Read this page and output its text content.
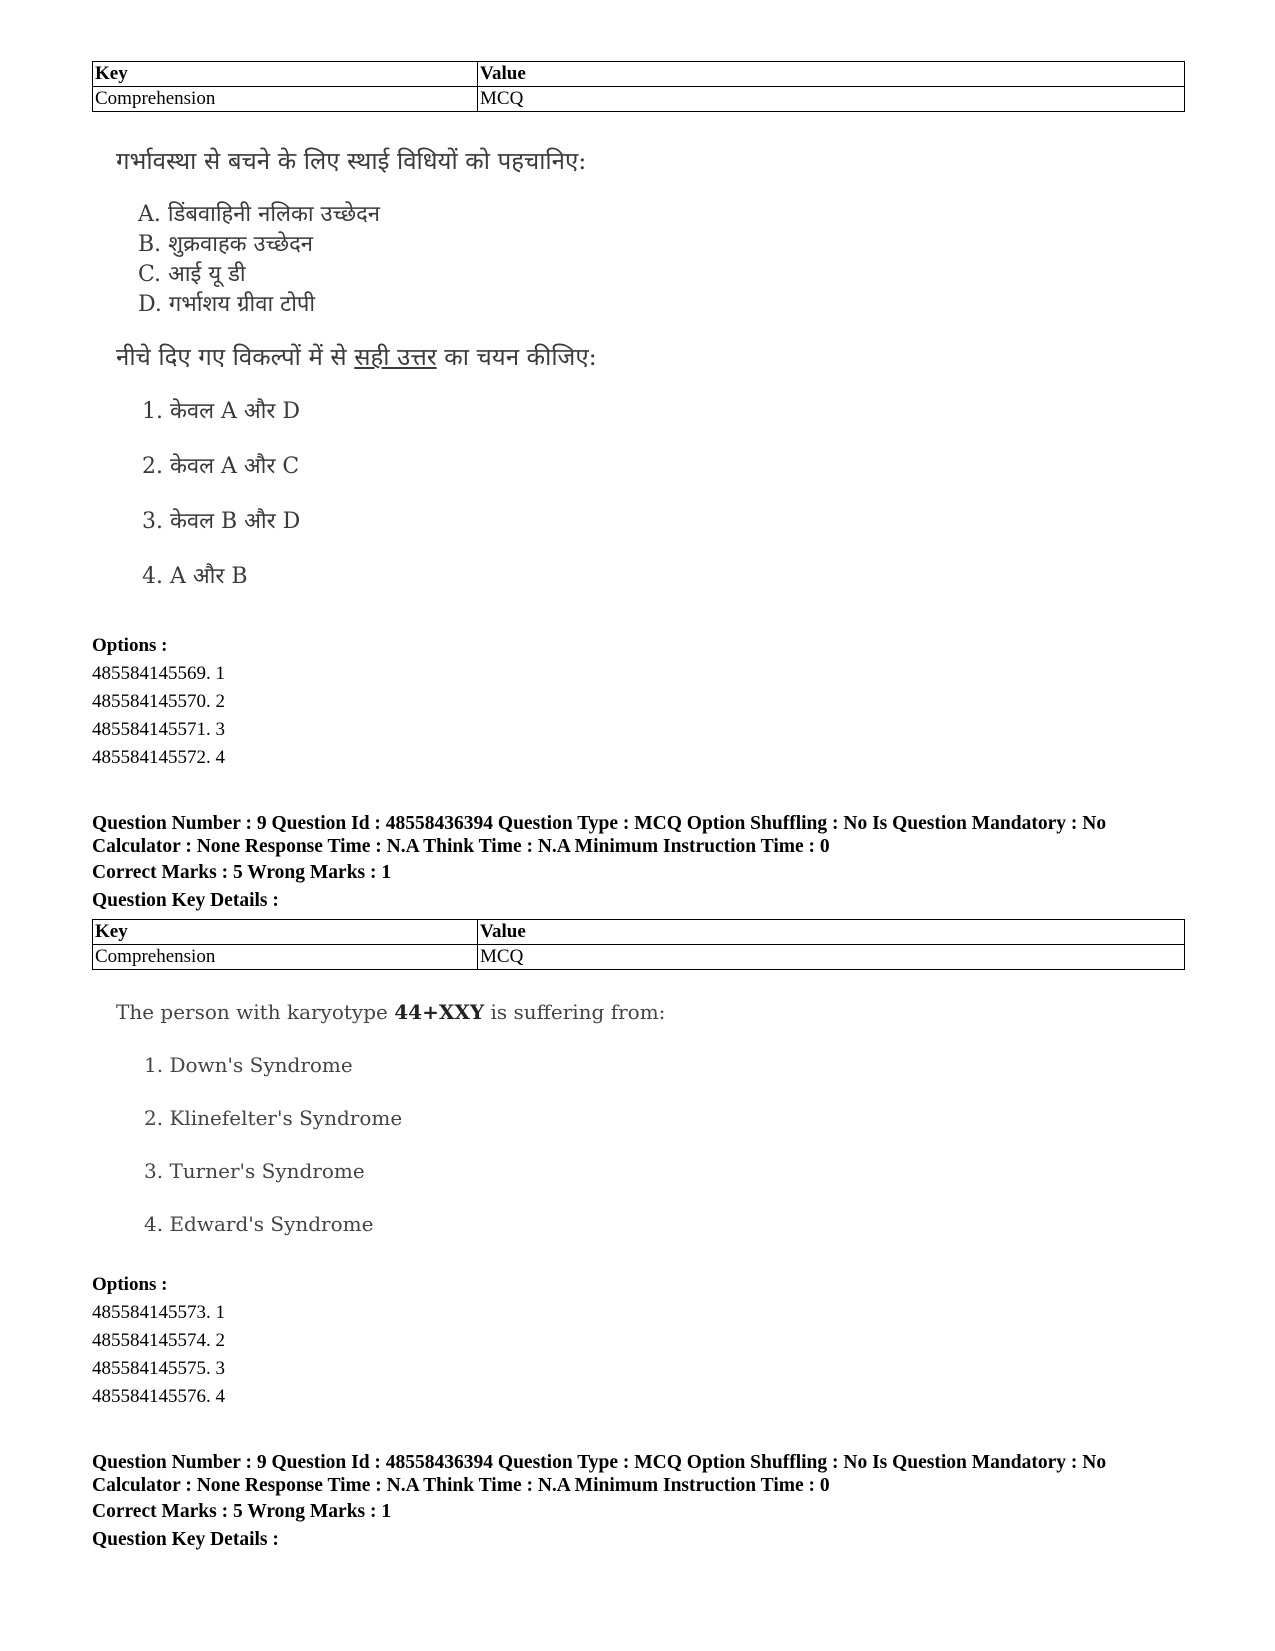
Key	Value
Comprehension	MCQ
गर्भावस्था से बचने के लिए स्थाई विधियों को पहचानिए:
A. डिंबवाहिनी नलिका उच्छेदन
B. शुक्रवाहक उच्छेदन
C. आई यू डी
D. गर्भाशय ग्रीवा टोपी
नीचे दिए गए विकल्पों में से सही उत्तर का चयन कीजिए:
1. केवल A और D
2. केवल A और C
3. केवल B और D
4. A और B
Options :
485584145569. 1
485584145570. 2
485584145571. 3
485584145572. 4
Question Number : 9 Question Id : 48558436394 Question Type : MCQ Option Shuffling : No Is Question Mandatory : No
Calculator : None Response Time : N.A Think Time : N.A Minimum Instruction Time : 0
Correct Marks : 5 Wrong Marks : 1
Question Key Details :
Key	Value
Comprehension	MCQ
The person with karyotype 44+XXY is suffering from:
1. Down's Syndrome
2. Klinefelter's Syndrome
3. Turner's Syndrome
4. Edward's Syndrome
Options :
485584145573. 1
485584145574. 2
485584145575. 3
485584145576. 4
Question Number : 9 Question Id : 48558436394 Question Type : MCQ Option Shuffling : No Is Question Mandatory : No
Calculator : None Response Time : N.A Think Time : N.A Minimum Instruction Time : 0
Correct Marks : 5 Wrong Marks : 1
Question Key Details :
